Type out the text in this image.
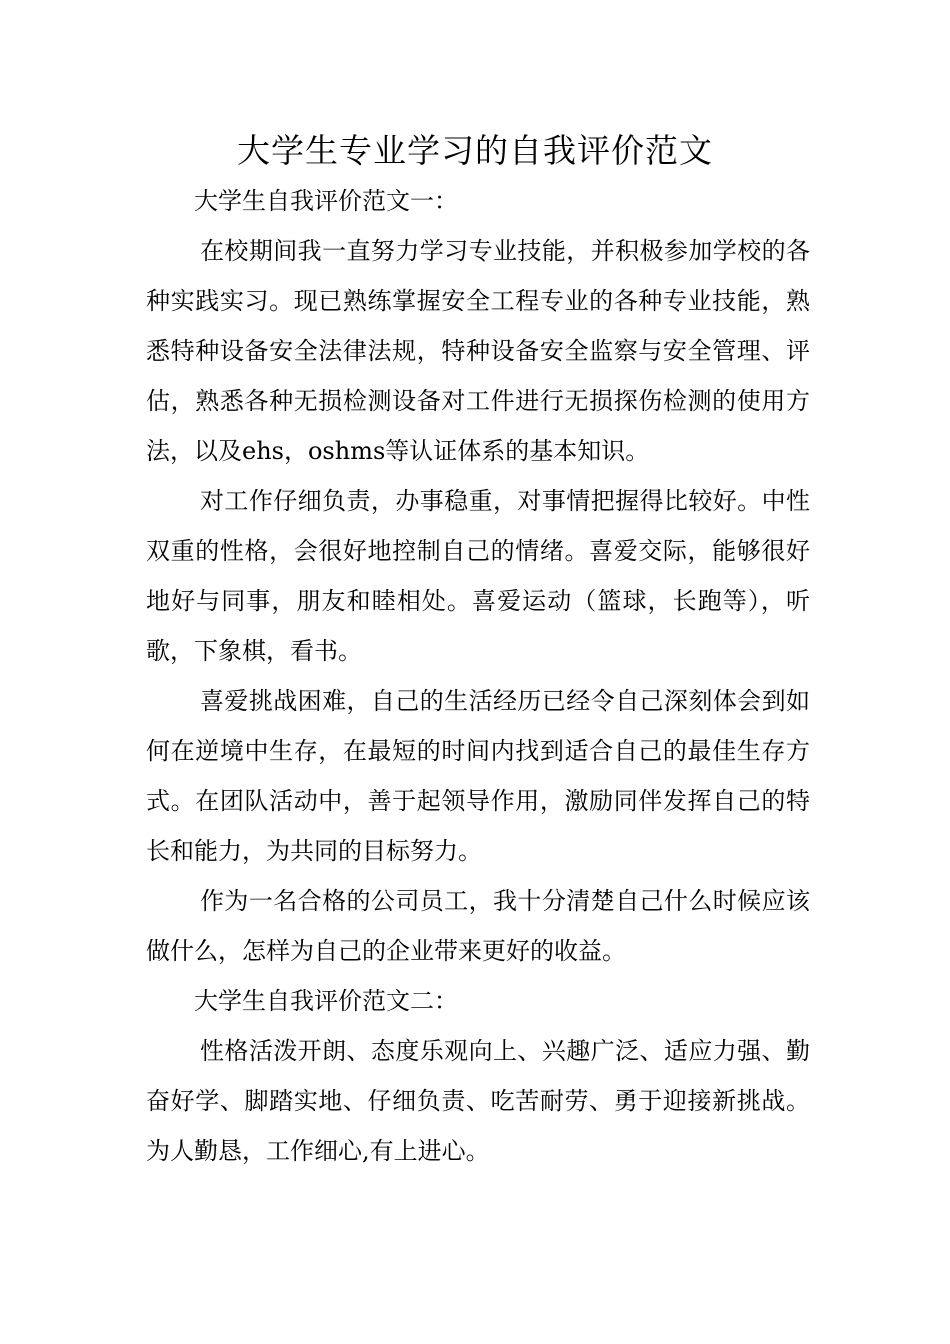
大学生专业学习的自我评价范文

大学生自我评价范文一：

在校期间我一直努力学习专业技能，并积极参加学校的各种实践实习。现已熟练掌握安全工程专业的各种专业技能，熟悉特种设备安全法律法规，特种设备安全监察与安全管理、评估，熟悉各种无损检测设备对工件进行无损探伤检测的使用方法，以及ehs，oshms等认证体系的基本知识。

对工作仔细负责，办事稳重，对事情把握得比较好。中性双重的性格，会很好地控制自己的情绪。喜爱交际，能够很好地好与同事，朋友和睦相处。喜爱运动（篮球，长跑等），听歌，下象棋，看书。

喜爱挑战困难，自己的生活经历已经令自己深刻体会到如何在逆境中生存，在最短的时间内找到适合自己的最佳生存方式。在团队活动中，善于起领导作用，激励同伴发挥自己的特长和能力，为共同的目标努力。

作为一名合格的公司员工，我十分清楚自己什么时候应该做什么，怎样为自己的企业带来更好的收益。

大学生自我评价范文二：

性格活泼开朗、态度乐观向上、兴趣广泛、适应力强、勤奋好学、脚踏实地、仔细负责、吃苦耐劳、勇于迎接新挑战。为人勤恳，工作细心,有上进心。
